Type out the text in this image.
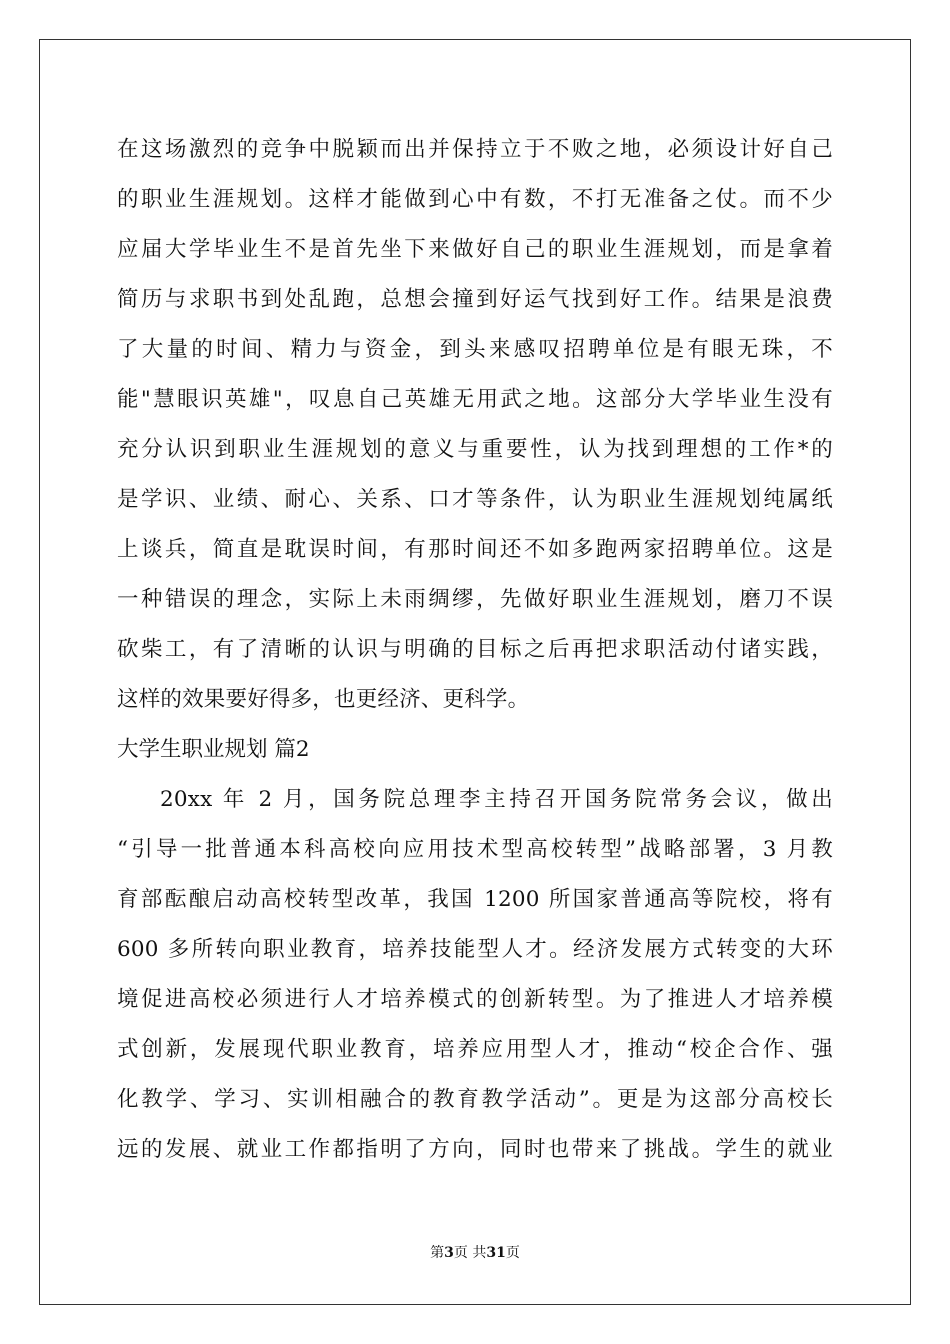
在这场激烈的竞争中脱颖而出并保持立于不败之地，必须设计好自己
的职业生涯规划。这样才能做到心中有数，不打无准备之仗。而不少
应届大学毕业生不是首先坐下来做好自己的职业生涯规划，而是拿着
简历与求职书到处乱跑，总想会撞到好运气找到好工作。结果是浪费
了大量的时间、精力与资金，到头来感叹招聘单位是有眼无珠，不
能"慧眼识英雄"，叹息自己英雄无用武之地。这部分大学毕业生没有
充分认识到职业生涯规划的意义与重要性，认为找到理想的工作*的
是学识、业绩、耐心、关系、口才等条件，认为职业生涯规划纯属纸
上谈兵，简直是耽误时间，有那时间还不如多跑两家招聘单位。这是
一种错误的理念，实际上未雨绸缪，先做好职业生涯规划，磨刀不误
砍柴工，有了清晰的认识与明确的目标之后再把求职活动付诸实践，
这样的效果要好得多，也更经济、更科学。
大学生职业规划 篇2
20xx 年 2 月，国务院总理李主持召开国务院常务会议，做出
“引导一批普通本科高校向应用技术型高校转型”战略部署，3 月教
育部酝酿启动高校转型改革，我国 1200 所国家普通高等院校，将有
600 多所转向职业教育，培养技能型人才。经济发展方式转变的大环
境促进高校必须进行人才培养模式的创新转型。为了推进人才培养模
式创新，发展现代职业教育，培养应用型人才，推动“校企合作、强
化教学、学习、实训相融合的教育教学活动”。更是为这部分高校长
远的发展、就业工作都指明了方向，同时也带来了挑战。学生的就业
第3页 共31页
